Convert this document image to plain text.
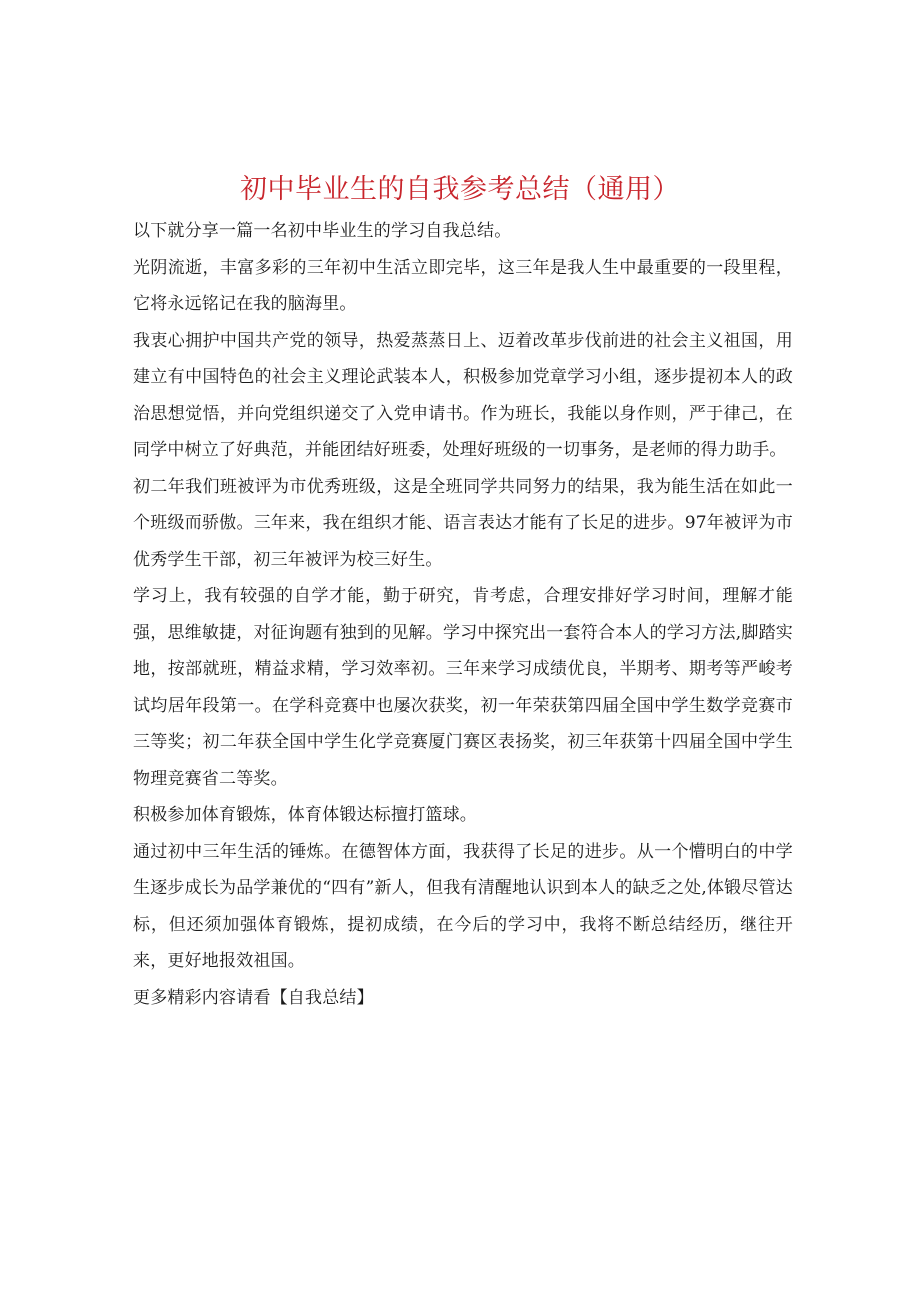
初中毕业生的自我参考总结（通用）

以下就分享一篇一名初中毕业生的学习自我总结。

光阴流逝，丰富多彩的三年初中生活立即完毕，这三年是我人生中最重要的一段里程，它将永远铭记在我的脑海里。

我衷心拥护中国共产党的领导，热爱蒸蒸日上、迈着改革步伐前进的社会主义祖国，用建立有中国特色的社会主义理论武装本人，积极参加党章学习小组，逐步提初本人的政治思想觉悟，并向党组织递交了入党申请书。作为班长，我能以身作则，严于律己，在同学中树立了好典范，并能团结好班委，处理好班级的一切事务，是老师的得力助手。

初二年我们班被评为市优秀班级，这是全班同学共同努力的结果，我为能生活在如此一个班级而骄傲。三年来，我在组织才能、语言表达才能有了长足的进步。97年被评为市优秀学生干部，初三年被评为校三好生。

学习上，我有较强的自学才能，勤于研究，肯考虑，合理安排好学习时间，理解才能强，思维敏捷，对征询题有独到的见解。学习中探究出一套符合本人的学习方法,脚踏实地，按部就班，精益求精，学习效率初。三年来学习成绩优良，半期考、期考等严峻考试均居年段第一。在学科竞赛中也屡次获奖，初一年荣获第四届全国中学生数学竞赛市三等奖；初二年获全国中学生化学竞赛厦门赛区表扬奖，初三年获第十四届全国中学生物理竞赛省二等奖。

积极参加体育锻炼，体育体锻达标擅打篮球。

通过初中三年生活的锤炼。在德智体方面，我获得了长足的进步。从一个懵明白的中学生逐步成长为品学兼优的“四有”新人，但我有清醒地认识到本人的缺乏之处,体锻尽管达标，但还须加强体育锻炼，提初成绩，在今后的学习中，我将不断总结经历，继往开来，更好地报效祖国。

更多精彩内容请看【自我总结】
